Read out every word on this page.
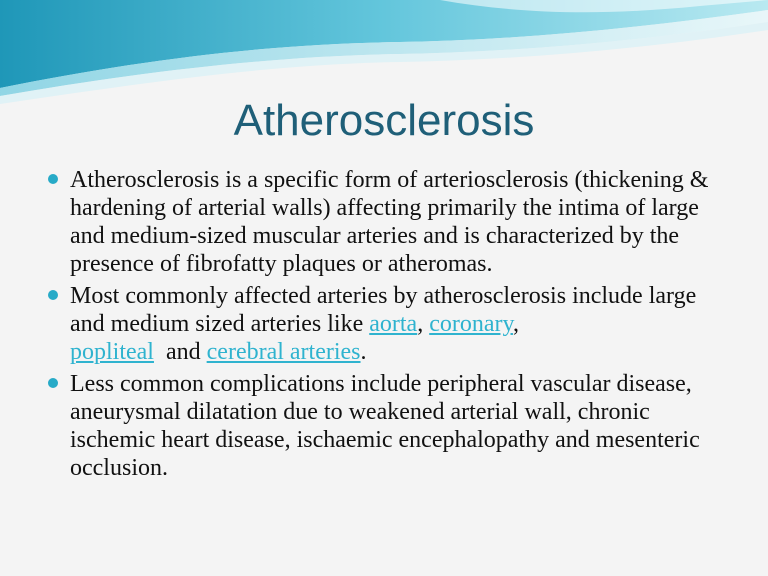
Atherosclerosis
Atherosclerosis is a specific form of arteriosclerosis (thickening & hardening of arterial walls) affecting primarily the intima of large and medium-sized muscular arteries and is characterized by the presence of fibrofatty plaques or atheromas.
Most commonly affected arteries by atherosclerosis include large and medium sized arteries like aorta, coronary,
popliteal  and cerebral arteries.
Less common complications include peripheral vascular disease, aneurysmal dilatation due to weakened arterial wall, chronic ischemic heart disease, ischaemic encephalopathy and mesenteric occlusion.
